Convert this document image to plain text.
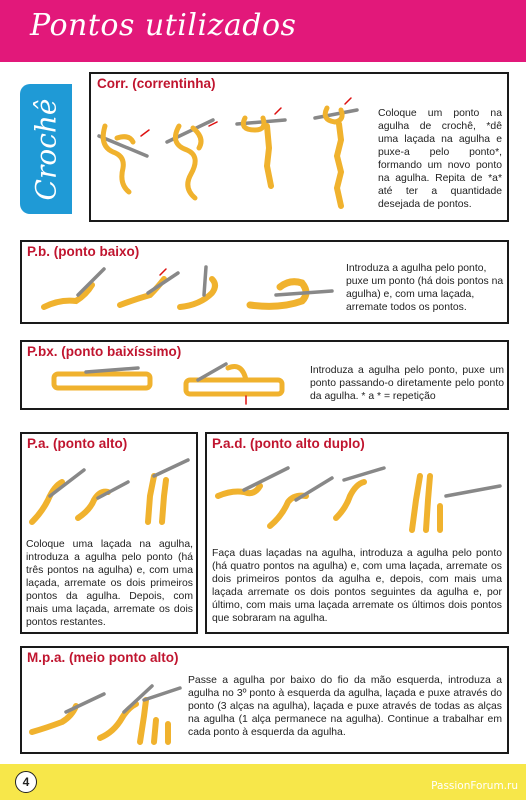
Pontos utilizados
Crochê
Corr. (correntinha)
Coloque um ponto na agulha de crochê, *dê uma laçada na agulha e puxe-a pelo ponto*, formando um novo ponto na agulha. Repita de *a* até ter a quantidade desejada de pontos.
P.b. (ponto baixo)
Introduza a agulha pelo ponto, puxe um ponto (há dois pontos na agulha) e, com uma laçada, arremate todos os pontos.
P.bx. (ponto baixíssimo)
Introduza a agulha pelo ponto, puxe um ponto passando-o diretamente pelo ponto da agulha. * a * = repetição
P.a. (ponto alto)
Coloque uma laçada na agulha, introduza a agulha pelo ponto (há três pontos na agulha) e, com uma laçada, arremate os dois primeiros pontos da agulha. Depois, com mais uma laçada, arremate os dois pontos restantes.
P.a.d. (ponto alto duplo)
Faça duas laçadas na agulha, introduza a agulha pelo ponto (há quatro pontos na agulha) e, com uma laçada, arremate os dois primeiros pontos da agulha e, depois, com mais uma laçada arremate os dois pontos seguintes da agulha e, por último, com mais uma laçada arremate os últimos dois pontos que sobraram na agulha.
M.p.a. (meio ponto alto)
Passe a agulha por baixo do fio da mão esquerda, introduza a agulha no 3º ponto à esquerda da agulha, laçada e puxe através do ponto (3 alças na agulha), laçada e puxe através de todas as alças na agulha (1 alça permanece na agulha). Continue a trabalhar em cada ponto à esquerda da agulha.
4	PassionForum.ru
